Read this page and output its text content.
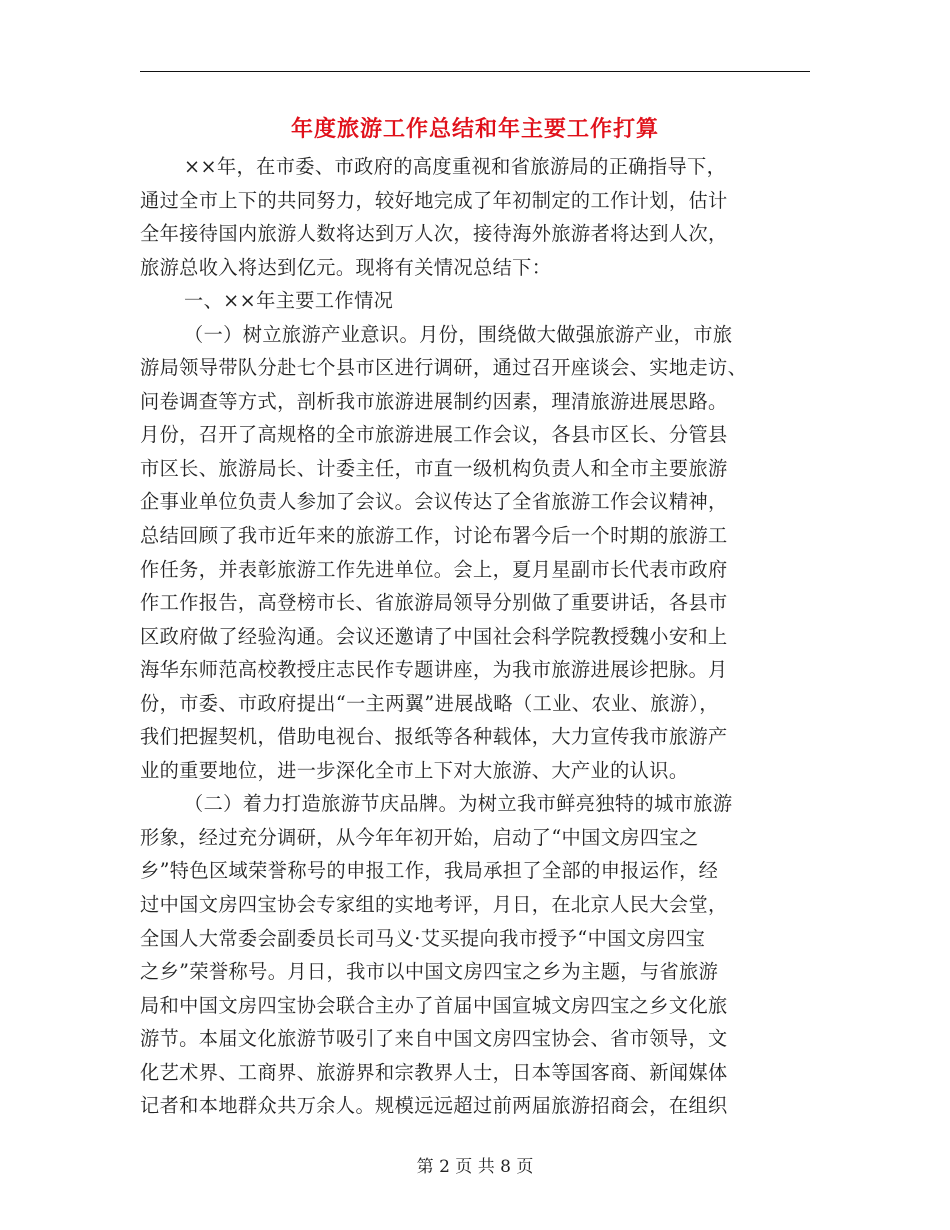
年度旅游工作总结和年主要工作打算
××年，在市委、市政府的高度重视和省旅游局的正确指导下，
通过全市上下的共同努力，较好地完成了年初制定的工作计划，估计
全年接待国内旅游人数将达到万人次，接待海外旅游者将达到人次，
旅游总收入将达到亿元。现将有关情况总结下：
一、××年主要工作情况
（一）树立旅游产业意识。月份，围绕做大做强旅游产业，市旅
游局领导带队分赴七个县市区进行调研，通过召开座谈会、实地走访、
问卷调查等方式，剖析我市旅游进展制约因素，理清旅游进展思路。
月份，召开了高规格的全市旅游进展工作会议，各县市区长、分管县
市区长、旅游局长、计委主任，市直一级机构负责人和全市主要旅游
企事业单位负责人参加了会议。会议传达了全省旅游工作会议精神，
总结回顾了我市近年来的旅游工作，讨论布署今后一个时期的旅游工
作任务，并表彰旅游工作先进单位。会上，夏月星副市长代表市政府
作工作报告，高登榜市长、省旅游局领导分别做了重要讲话，各县市
区政府做了经验沟通。会议还邀请了中国社会科学院教授魏小安和上
海华东师范高校教授庄志民作专题讲座，为我市旅游进展诊把脉。月
份，市委、市政府提出“一主两翼”进展战略（工业、农业、旅游），
我们把握契机，借助电视台、报纸等各种载体，大力宣传我市旅游产
业的重要地位，进一步深化全市上下对大旅游、大产业的认识。
（二）着力打造旅游节庆品牌。为树立我市鲜亮独特的城市旅游
形象，经过充分调研，从今年年初开始，启动了“中国文房四宝之
乡”特色区域荣誉称号的申报工作，我局承担了全部的申报运作，经
过中国文房四宝协会专家组的实地考评，月日，在北京人民大会堂，
全国人大常委会副委员长司马义·艾买提向我市授予“中国文房四宝
之乡”荣誉称号。月日，我市以中国文房四宝之乡为主题，与省旅游
局和中国文房四宝协会联合主办了首届中国宣城文房四宝之乡文化旅
游节。本届文化旅游节吸引了来自中国文房四宝协会、省市领导，文
化艺术界、工商界、旅游界和宗教界人士，日本等国客商、新闻媒体
记者和本地群众共万余人。规模远远超过前两届旅游招商会，在组织
第 2 页 共 8 页
